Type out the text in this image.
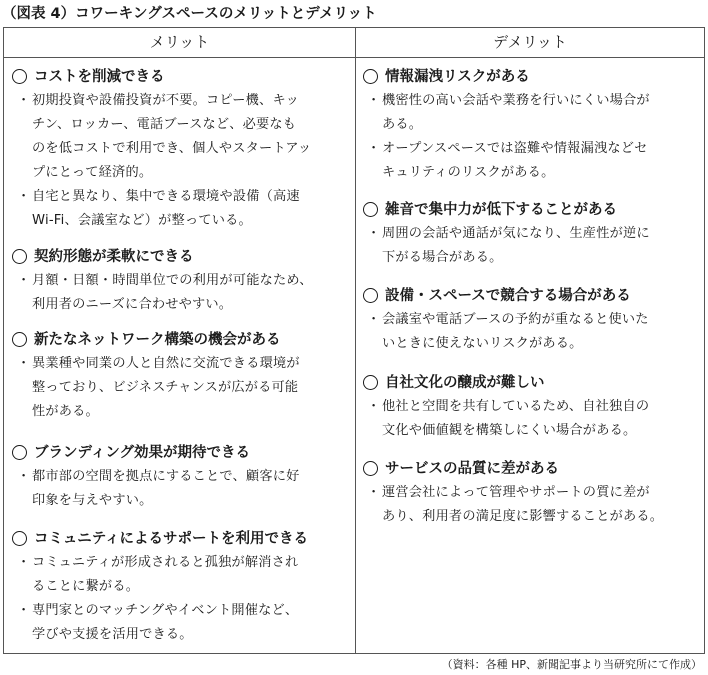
（図表 4）コワーキングスペースのメリットとデメリット
メリット	デメリット
コストを削減できる
・ 初期投資や設備投資が不要。コピー機、キッ
チン、ロッカー、電話ブースなど、必要なも
のを低コストで利用でき、個人やスタートアッ
プにとって経済的。
・ 自宅と異なり、集中できる環境や設備（高速
Wi-Fi、会議室など）が整っている。
契約形態が柔軟にできる
・ 月額・日額・時間単位での利用が可能なため、
利用者のニーズに合わせやすい。
新たなネットワーク構築の機会がある
・ 異業種や同業の人と自然に交流できる環境が
整っており、ビジネスチャンスが広がる可能
性がある。
ブランディング効果が期待できる
・ 都市部の空間を拠点にすることで、顧客に好
印象を与えやすい。
コミュニティによるサポートを利用できる
・ コミュニティが形成されると孤独が解消され
ることに繋がる。
・ 専門家とのマッチングやイベント開催など、
学びや支援を活用できる。
情報漏洩リスクがある
・ 機密性の高い会話や業務を行いにくい場合が
ある。
・ オープンスペースでは盗難や情報漏洩などセ
キュリティのリスクがある。
雑音で集中力が低下することがある
・ 周囲の会話や通話が気になり、生産性が逆に
下がる場合がある。
設備・スペースで競合する場合がある
・ 会議室や電話ブースの予約が重なると使いた
いときに使えないリスクがある。
自社文化の醸成が難しい
・ 他社と空間を共有しているため、自社独自の
文化や価値観を構築しにくい場合がある。
サービスの品質に差がある
・ 運営会社によって管理やサポートの質に差が
あり、利用者の満足度に影響することがある。
（資料：各種 HP、新聞記事より当研究所にて作成）
